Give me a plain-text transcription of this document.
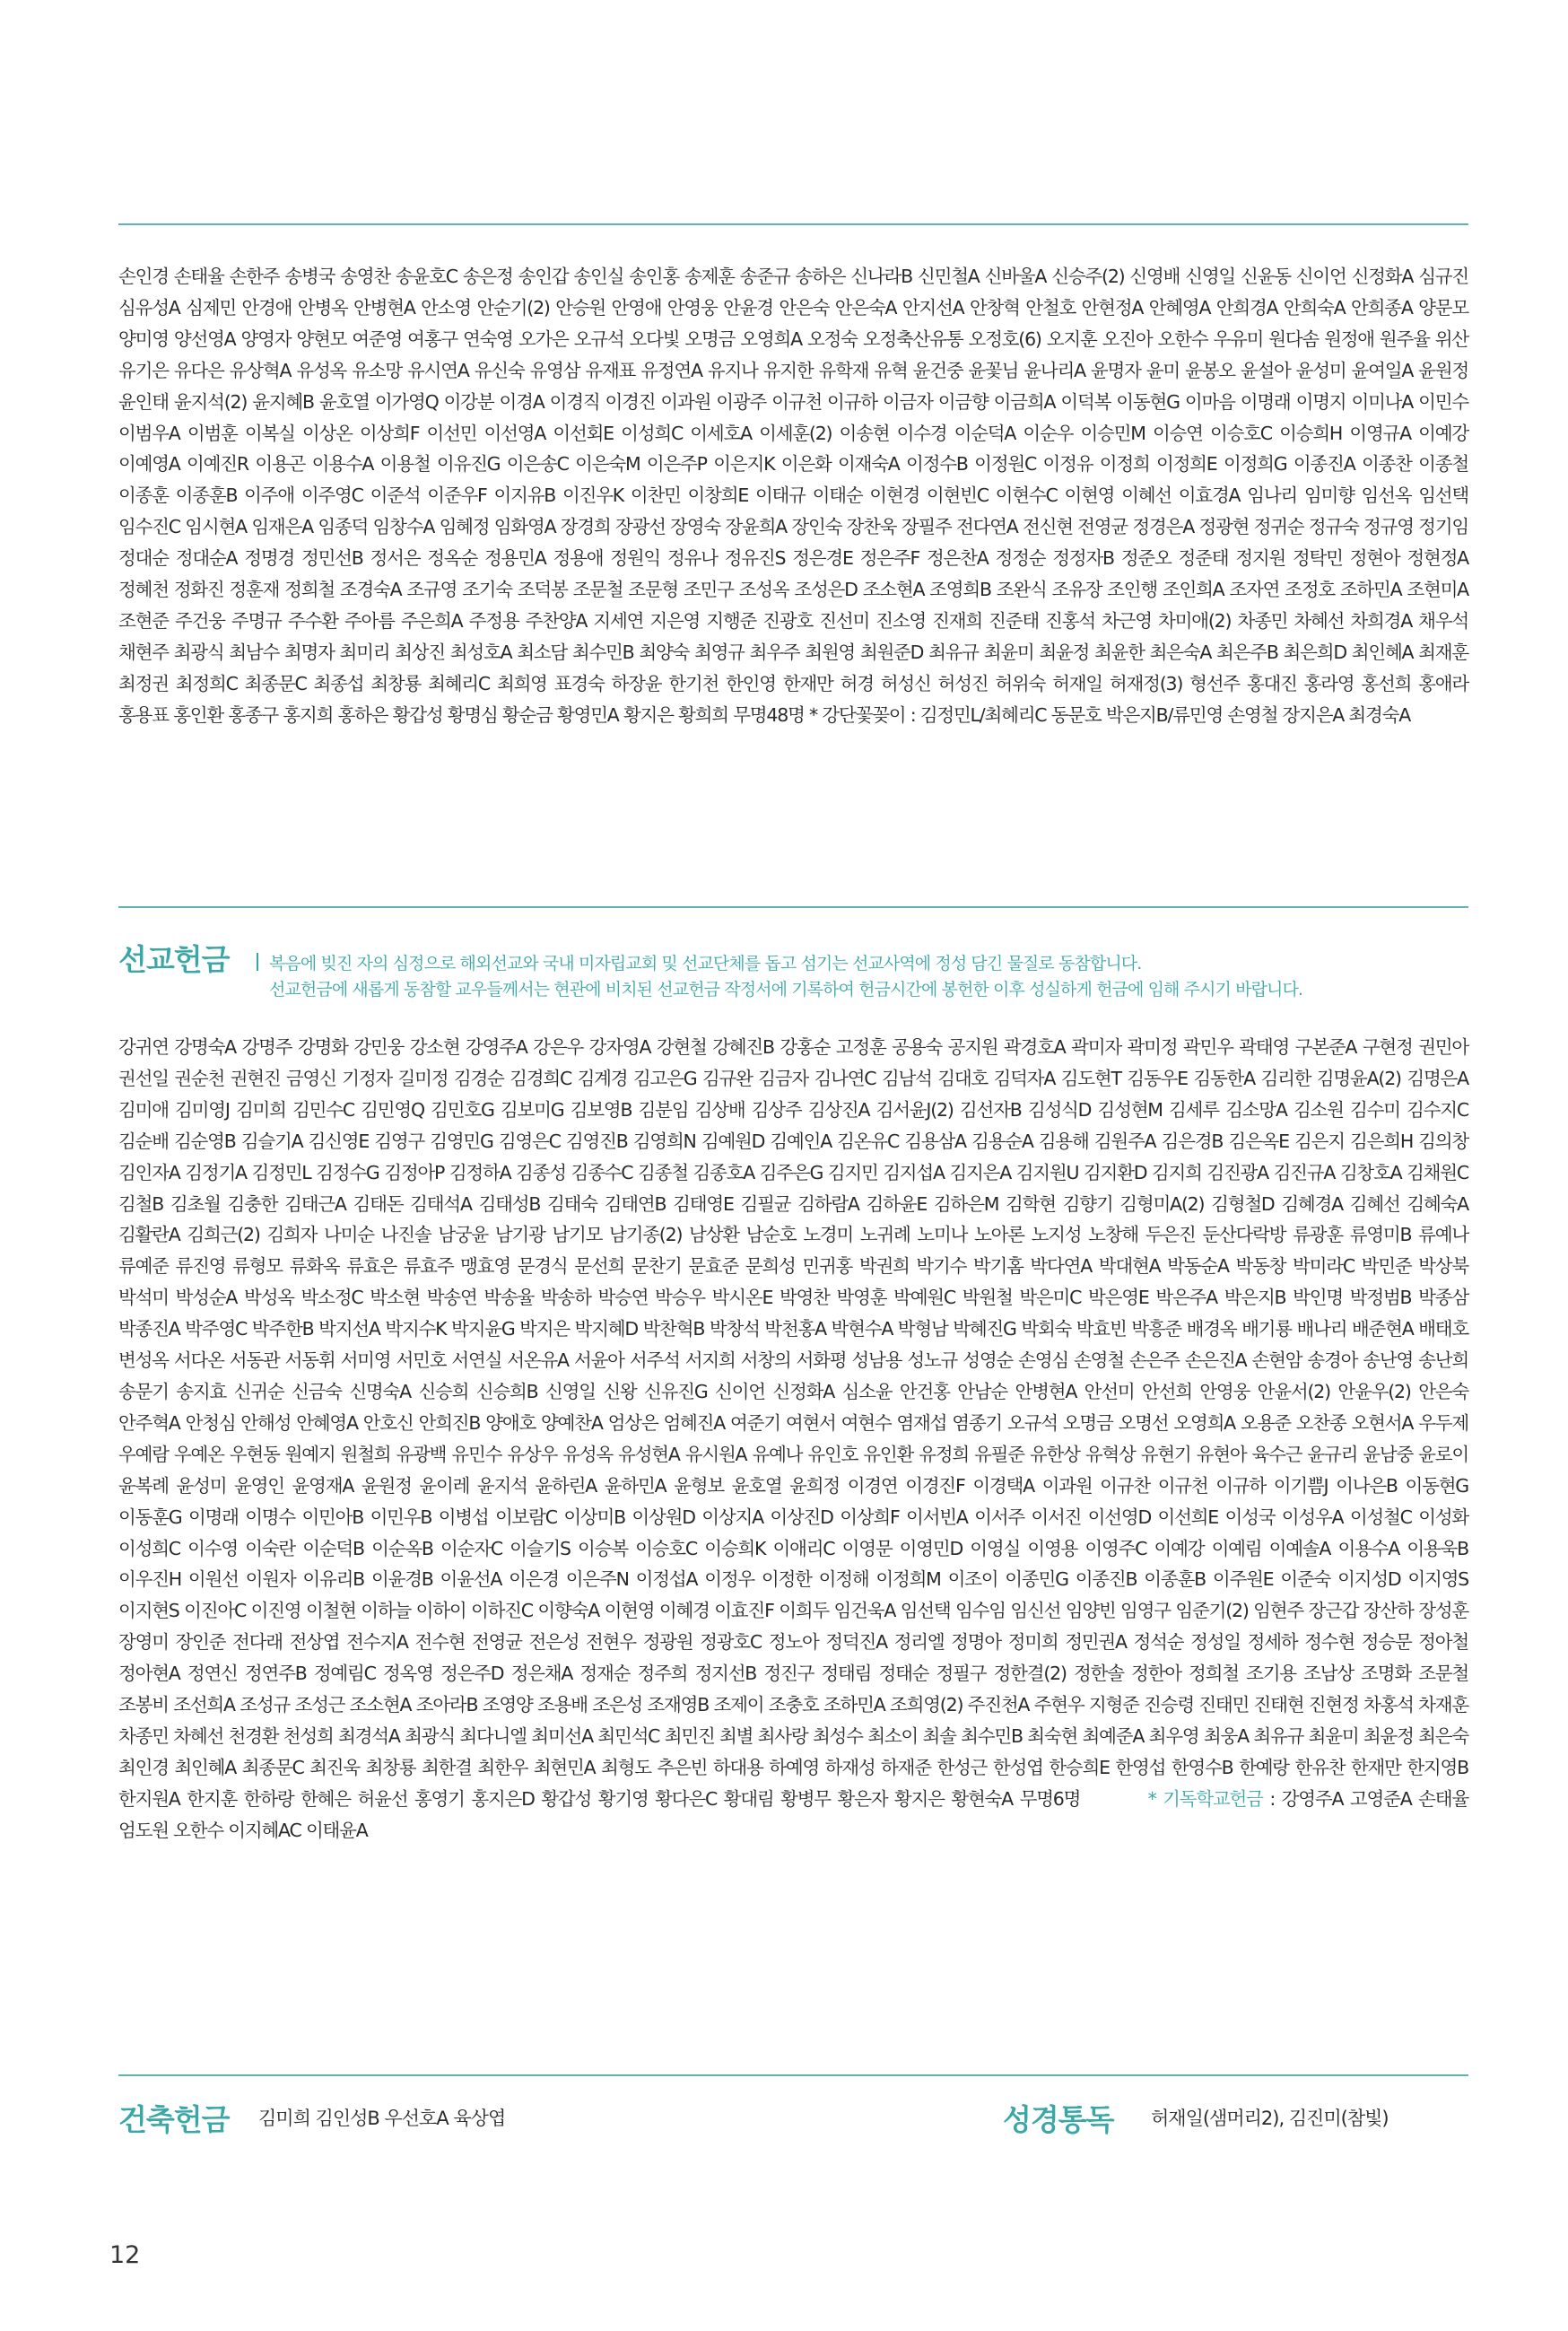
손인경 손태율 손한주 송병국 송영찬 송윤호C 송은정 송인갑 송인실 송인홍 송제훈 송준규 송하은 신나라B 신민철A 신바울A 신승주(2) 신영배 신영일 신윤동 신이언 신정화A 심규진 심유성A 심제민 안경애 안병옥 안병현A 안소영 안순기(2) 안승원 안영애 안영웅 안윤경 안은숙 안은숙A 안지선A 안창혁 안철호 안현정A 안혜영A 안희경A 안희숙A 안희종A 양문모 양미영 양선영A 양영자 양현모 여준영 여홍구 연숙영 오가은 오규석 오다빛 오명금 오영희A 오정숙 오정축산유통 오정호(6) 오지훈 오진아 오한수 우유미 원다솜 원정애 원주율 위산 유기은 유다은 유상혁A 유성옥 유소망 유시연A 유신숙 유영삼 유재표 유정연A 유지나 유지한 유학재 유혁 윤건중 윤꽃님 윤나리A 윤명자 윤미 윤봉오 윤설아 윤성미 윤여일A 윤원정 윤인태 윤지석(2) 윤지혜B 윤호열 이가영Q 이강분 이경A 이경직 이경진 이과원 이광주 이규천 이규하 이금자 이금향 이금희A 이덕복 이동현G 이마음 이명래 이명지 이미나A 이민수 이범우A 이범훈 이복실 이상온 이상희F 이선민 이선영A 이선회E 이성희C 이세호A 이세훈(2) 이송현 이수경 이순덕A 이순우 이승민M 이승연 이승호C 이승희H 이영규A 이예강 이예영A 이예진R 이용곤 이용수A 이용철 이유진G 이은송C 이은숙M 이은주P 이은지K 이은화 이재숙A 이정수B 이정원C 이정유 이정희 이정희E 이정희G 이종진A 이종찬 이종철 이종훈 이종훈B 이주애 이주영C 이준석 이준우F 이지유B 이진우K 이찬민 이창희E 이태규 이태순 이현경 이현빈C 이현수C 이현영 이혜선 이효경A 임나리 임미향 임선옥 임선택 임수진C 임시현A 임재은A 임종덕 임창수A 임혜정 임화영A 장경희 장광선 장영숙 장윤희A 장인숙 장찬욱 장필주 전다연A 전신현 전영균 정경은A 정광현 정귀순 정규숙 정규영 정기임 정대순 정대순A 정명경 정민선B 정서은 정옥순 정용민A 정용애 정원익 정유나 정유진S 정은경E 정은주F 정은찬A 정정순 정정자B 정준오 정준태 정지원 정탁민 정현아 정현정A 정혜천 정화진 정훈재 정희철 조경숙A 조규영 조기숙 조덕봉 조문철 조문형 조민구 조성옥 조성은D 조소현A 조영희B 조완식 조유장 조인행 조인희A 조자연 조정호 조하민A 조현미A 조현준 주건웅 주명규 주수환 주아름 주은희A 주정용 주찬양A 지세연 지은영 지행준 진광호 진선미 진소영 진재희 진준태 진홍석 차근영 차미애(2) 차종민 차혜선 차희경A 채우석 채현주 최광식 최남수 최명자 최미리 최상진 최성호A 최소담 최수민B 최양숙 최영규 최우주 최원영 최원준D 최유규 최윤미 최윤정 최윤한 최은숙A 최은주B 최은희D 최인혜A 최재훈 최정권 최정희C 최종문C 최종섭 최창룡 최혜리C 최희영 표경숙 하장윤 한기천 한인영 한재만 허경 허성신 허성진 허위숙 허재일 허재정(3) 형선주 홍대진 홍라영 홍선희 홍애라 홍용표 홍인환 홍종구 홍지희 홍하은 황갑성 황명심 황순금 황영민A 황지은 황희희 무명48명 * 강단꽃꽂이 : 김정민L/최혜리C 동문호 박은지B/류민영 손영철 장지은A 최경숙A

선교헌금 복음에 빚진 자의 심정으로 해외선교와 국내 미자립교회 및 선교단체를 돕고 섬기는 선교사역에 정성 담긴 물질로 동참합니다.
선교헌금에 새롭게 동참할 교우들께서는 현관에 비치된 선교헌금 작정서에 기록하여 헌금시간에 봉헌한 이후 성실하게 헌금에 임해 주시기 바랍니다.

강귀연 강명숙A 강명주 강명화 강민웅 강소현 강영주A 강은우 강자영A 강현철 강혜진B 강홍순 고정훈 공용숙 공지원 곽경호A 곽미자 곽미정 곽민우 곽태영 구본준A 구현정 권민아 권선일 권순천 권현진 금영신 기정자 길미정 김경순 김경희C 김계경 김고은G 김규완 김금자 김나연C 김남석 김대호 김덕자A 김도현T 김동우E 김동한A 김리한 김명윤A(2) 김명은A 김미애 김미영J 김미희 김민수C 김민영Q 김민호G 김보미G 김보영B 김분임 김상배 김상주 김상진A 김서윤J(2) 김선자B 김성식D 김성현M 김세루 김소망A 김소원 김수미 김수지C 김순배 김순영B 김슬기A 김신영E 김영구 김영민G 김영은C 김영진B 김영희N 김예원D 김예인A 김온유C 김용삼A 김용순A 김용해 김원주A 김은경B 김은옥E 김은지 김은희H 김의창 김인자A 김정기A 김정민L 김정수G 김정아P 김정하A 김종성 김종수C 김종철 김종호A 김주은G 김지민 김지섭A 김지은A 김지원U 김지환D 김지희 김진광A 김진규A 김창호A 김채원C 김철B 김초월 김충한 김태근A 김태돈 김태석A 김태성B 김태숙 김태연B 김태영E 김필균 김하람A 김하윤E 김하은M 김학현 김향기 김형미A(2) 김형철D 김혜경A 김혜선 김혜숙A 김활란A 김희근(2) 김희자 나미순 나진솔 남궁윤 남기광 남기모 남기종(2) 남상환 남순호 노경미 노귀례 노미나 노아론 노지성 노창해 두은진 둔산다락방 류광훈 류영미B 류예나 류예준 류진영 류형모 류화옥 류효은 류효주 맹효영 문경식 문선희 문찬기 문효준 문희성 민귀홍 박권희 박기수 박기홈 박다연A 박대현A 박동순A 박동창 박미라C 박민준 박상북 박석미 박성순A 박성옥 박소정C 박소현 박송연 박송율 박송하 박승연 박승우 박시온E 박영찬 박영훈 박예원C 박원철 박은미C 박은영E 박은주A 박은지B 박인명 박정범B 박종삼 박종진A 박주영C 박주한B 박지선A 박지수K 박지윤G 박지은 박지혜D 박찬혁B 박창석 박천홍A 박현수A 박형남 박혜진G 박회숙 박효빈 박흥준 배경옥 배기룡 배나리 배준현A 배태호 변성옥 서다온 서동관 서동휘 서미영 서민호 서연실 서온유A 서윤아 서주석 서지희 서창의 서화평 성남용 성노규 성영순 손영심 손영철 손은주 손은진A 손현암 송경아 송난영 송난희 송문기 송지효 신귀순 신금숙 신명숙A 신승희 신승희B 신영일 신왕 신유진G 신이언 신정화A 심소윤 안건홍 안남순 안병현A 안선미 안선희 안영웅 안윤서(2) 안윤우(2) 안은숙 안주혁A 안청심 안해성 안혜영A 안호신 안희진B 양애호 양예찬A 엄상은 엄혜진A 여준기 여현서 여현수 염재섭 염종기 오규석 오명금 오명선 오영희A 오용준 오찬종 오현서A 우두제 우예람 우예온 우현동 원예지 원철희 유광백 유민수 유상우 유성옥 유성현A 유시원A 유예나 유인호 유인환 유정희 유필준 유한상 유혁상 유현기 유현아 육수근 윤규리 윤남중 윤로이 윤복례 윤성미 윤영인 윤영재A 윤원정 윤이레 윤지석 윤하린A 윤하민A 윤형보 윤호열 윤희정 이경연 이경진F 이경택A 이과원 이규찬 이규천 이규하 이기쁨J 이나은B 이동현G 이동훈G 이명래 이명수 이민아B 이민우B 이병섭 이보람C 이상미B 이상원D 이상지A 이상진D 이상희F 이서빈A 이서주 이서진 이선영D 이선희E 이성국 이성우A 이성철C 이성화 이성희C 이수영 이숙란 이순덕B 이순옥B 이순자C 이슬기S 이승복 이승호C 이승희K 이애리C 이영문 이영민D 이영실 이영용 이영주C 이예강 이예림 이예솔A 이용수A 이용욱B 이우진H 이원선 이원자 이유리B 이윤경B 이윤선A 이은경 이은주N 이정섭A 이정우 이정한 이정해 이정희M 이조이 이종민G 이종진B 이종훈B 이주원E 이준숙 이지성D 이지영S 이지현S 이진아C 이진영 이철현 이하늘 이하이 이하진C 이향숙A 이현영 이혜경 이효진F 이희두 임건욱A 임선택 임수임 임신선 임양빈 임영구 임준기(2) 임현주 장근갑 장산하 장성훈 장영미 장인준 전다래 전상엽 전수지A 전수현 전영균 전은성 전현우 정광원 정광호C 정노아 정덕진A 정리엘 정명아 정미희 정민권A 정석순 정성일 정세하 정수현 정승문 정아철 정아현A 정연신 정연주B 정예림C 정옥영 정은주D 정은채A 정재순 정주희 정지선B 정진구 정태림 정태순 정필구 정한결(2) 정한솔 정한아 정희철 조기용 조남상 조명화 조문철 조봉비 조선희A 조성규 조성근 조소현A 조아라B 조영양 조용배 조은성 조재영B 조제이 조충호 조하민A 조희영(2) 주진천A 주현우 지형준 진승령 진태민 진태현 진현정 차홍석 차재훈 차종민 차혜선 천경환 천성희 최경석A 최광식 최다니엘 최미선A 최민석C 최민진 최별 최사랑 최성수 최소이 최솔 최수민B 최숙현 최예준A 최우영 최웅A 최유규 최윤미 최윤정 최은숙 최인경 최인혜A 최종문C 최진욱 최창룡 최한결 최한우 최현민A 최형도 추은빈 하대용 하예영 하재성 하재준 한성근 한성엽 한승희E 한영섭 한영수B 한예랑 한유찬 한재만 한지영B 한지원A 한지훈 한하랑 한혜은 허윤선 홍영기 홍지은D 황갑성 황기영 황다은C 황대림 황병무 황은자 황지은 황현숙A 무명6명	* 기독학교헌금 : 강영주A 고영준A 손태율 엄도원 오한수 이지혜AC 이태윤A

건축헌금 김미희 김인성B 우선호A 육상엽	성경통독 허재일(샘머리2), 김진미(참빛)
12
